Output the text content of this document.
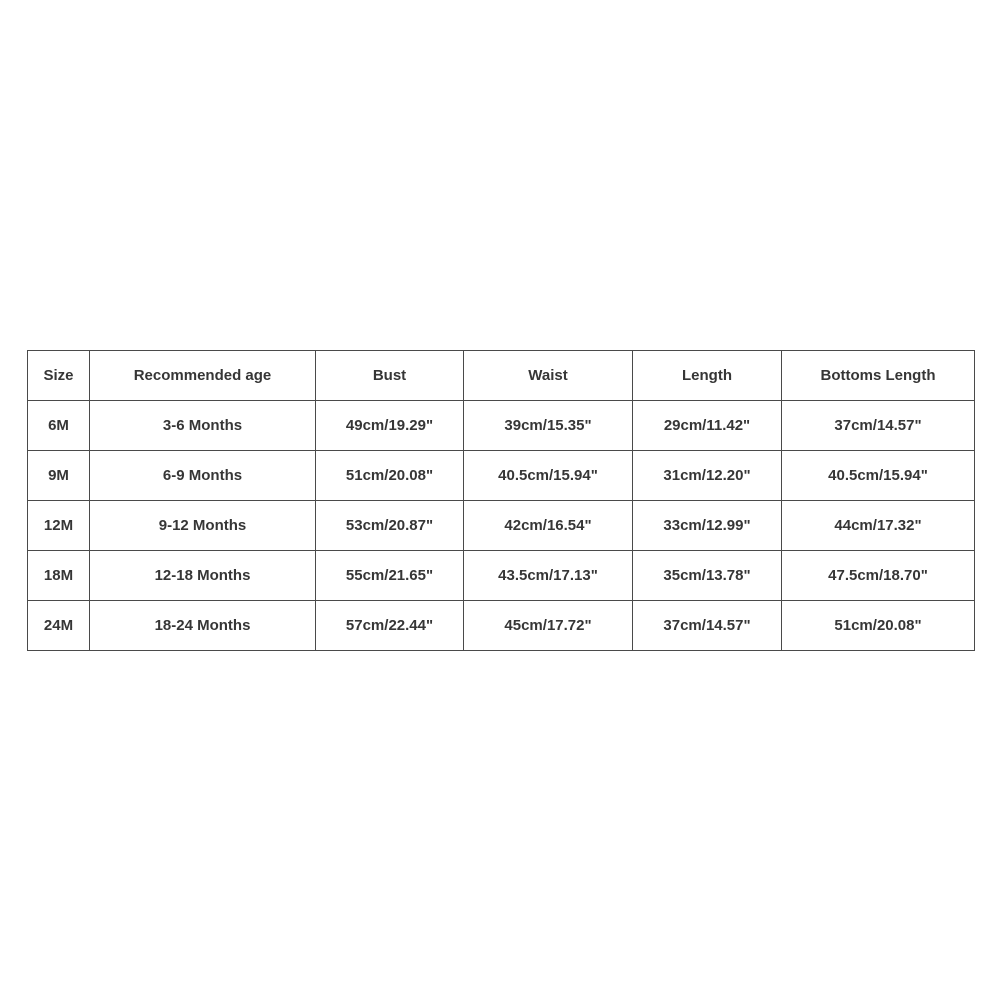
Size	Recommended age	Bust	Waist	Length	Bottoms Length
6M	3-6 Months	49cm/19.29"	39cm/15.35"	29cm/11.42"	37cm/14.57"
9M	6-9 Months	51cm/20.08"	40.5cm/15.94"	31cm/12.20"	40.5cm/15.94"
12M	9-12 Months	53cm/20.87"	42cm/16.54"	33cm/12.99"	44cm/17.32"
18M	12-18 Months	55cm/21.65"	43.5cm/17.13"	35cm/13.78"	47.5cm/18.70"
24M	18-24 Months	57cm/22.44"	45cm/17.72"	37cm/14.57"	51cm/20.08"
